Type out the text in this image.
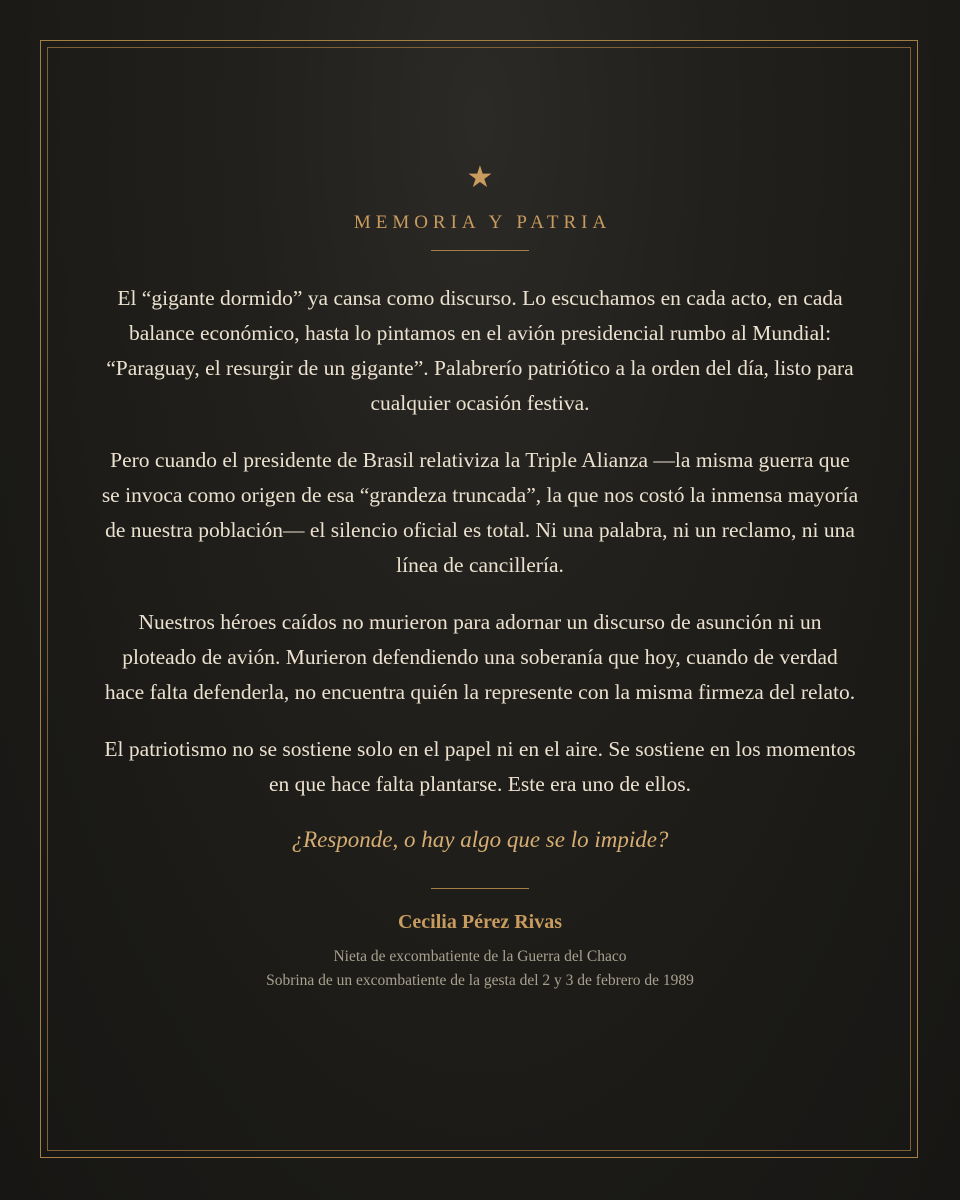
★
MEMORIA Y PATRIA

El “gigante dormido” ya cansa como discurso. Lo escuchamos en cada acto, en cada balance económico, hasta lo pintamos en el avión presidencial rumbo al Mundial: “Paraguay, el resurgir de un gigante”. Palabrerío patriótico a la orden del día, listo para cualquier ocasión festiva.

Pero cuando el presidente de Brasil relativiza la Triple Alianza —la misma guerra que se invoca como origen de esa “grandeza truncada”, la que nos costó la inmensa mayoría de nuestra población— el silencio oficial es total. Ni una palabra, ni un reclamo, ni una línea de cancillería.

Nuestros héroes caídos no murieron para adornar un discurso de asunción ni un ploteado de avión. Murieron defendiendo una soberanía que hoy, cuando de verdad hace falta defenderla, no encuentra quién la represente con la misma firmeza del relato.

El patriotismo no se sostiene solo en el papel ni en el aire. Se sostiene en los momentos en que hace falta plantarse. Este era uno de ellos.

¿Responde, o hay algo que se lo impide?
Cecilia Pérez Rivas
Nieta de excombatiente de la Guerra del Chaco
Sobrina de un excombatiente de la gesta del 2 y 3 de febrero de 1989
